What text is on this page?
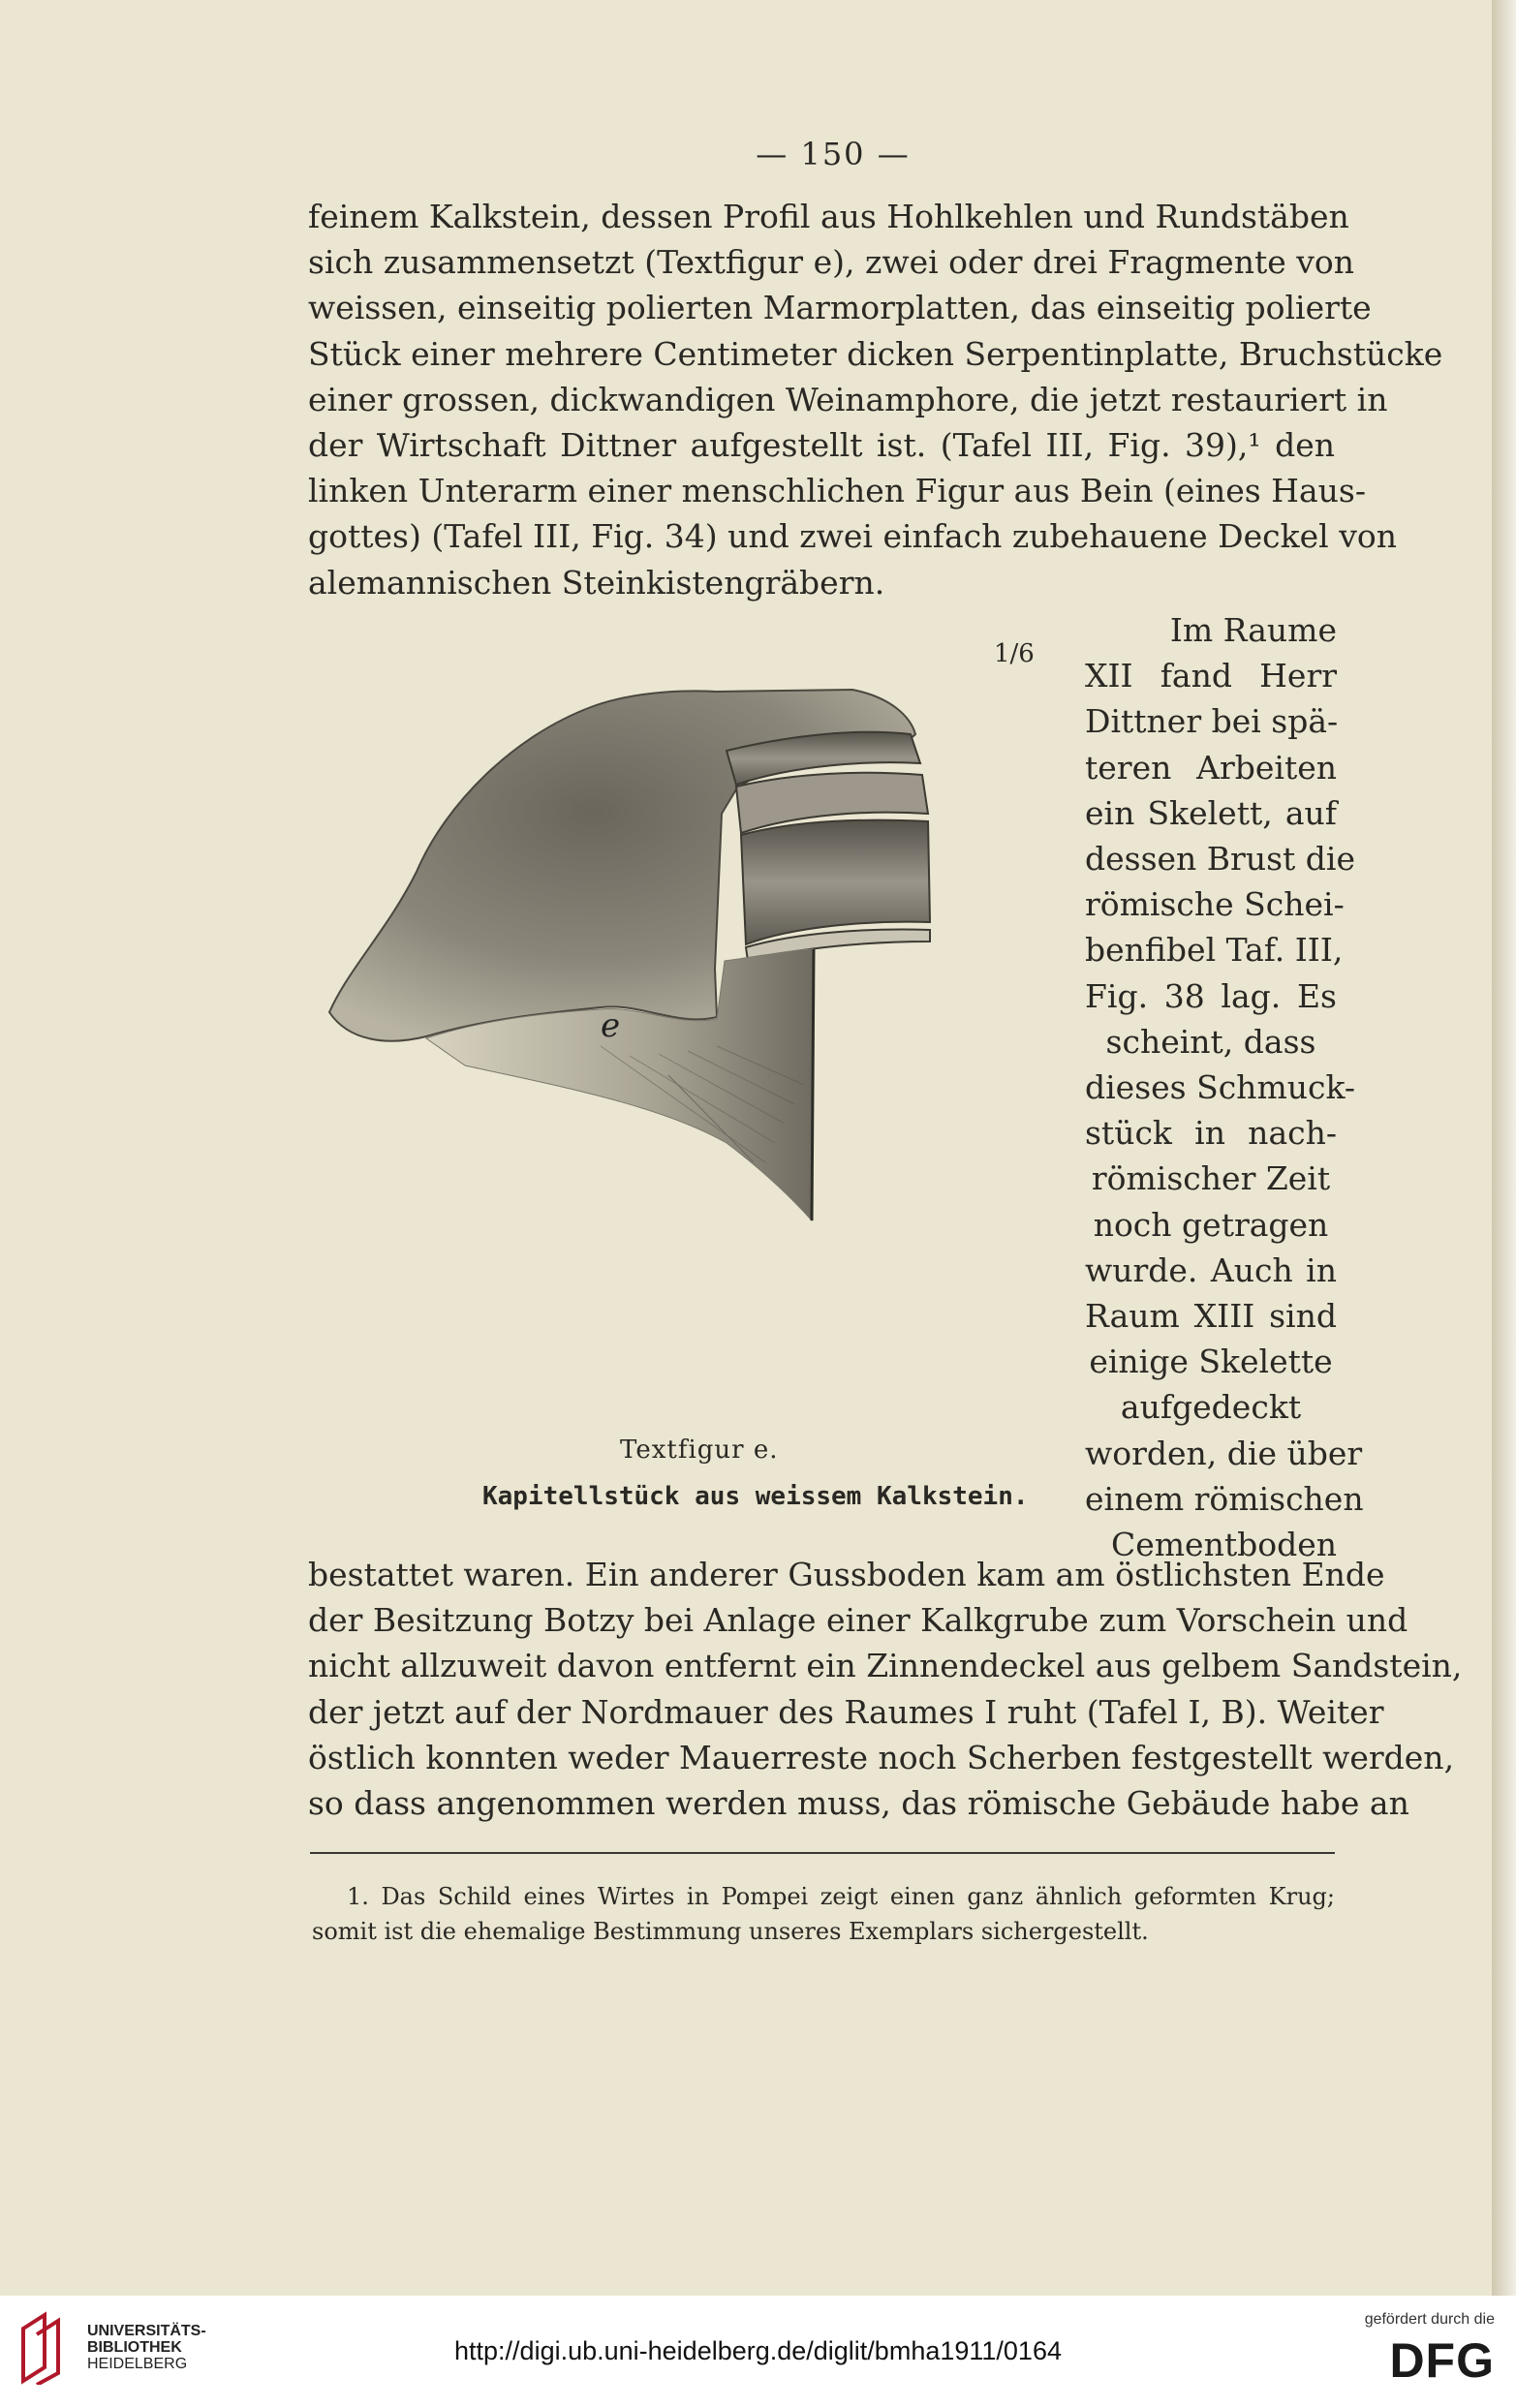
— 150 —
feinem Kalkstein, dessen Profil aus Hohlkehlen und Rundstäben
sich zusammensetzt (Textfigur e), zwei oder drei Fragmente von
weissen, einseitig polierten Marmorplatten, das einseitig polierte
Stück einer mehrere Centimeter dicken Serpentinplatte, Bruchstücke
einer grossen, dickwandigen Weinamphore, die jetzt restauriert in
der Wirtschaft Dittner aufgestellt ist. (Tafel III, Fig. 39),¹ den
linken Unterarm einer menschlichen Figur aus Bein (eines Haus-
gottes) (Tafel III, Fig. 34) und zwei einfach zubehauene Deckel von
alemannischen Steinkistengräbern.
Im Raume
XII fand Herr
Dittner bei spä-
teren Arbeiten
ein Skelett, auf
dessen Brust die
römische Schei-
benfibel Taf. III,
Fig. 38 lag. Es
scheint, dass
dieses Schmuck-
stück in nach-
römischer Zeit
noch getragen
wurde. Auch in
Raum XIII sind
einige Skelette
aufgedeckt
worden, die über
einem römischen
Cementboden
e
1/6
Textfigur e.
Kapitellstück aus weissem Kalkstein.
bestattet waren. Ein anderer Gussboden kam am östlichsten Ende
der Besitzung Botzy bei Anlage einer Kalkgrube zum Vorschein und
nicht allzuweit davon entfernt ein Zinnendeckel aus gelbem Sandstein,
der jetzt auf der Nordmauer des Raumes I ruht (Tafel I, B). Weiter
östlich konnten weder Mauerreste noch Scherben festgestellt werden,
so dass angenommen werden muss, das römische Gebäude habe an
1. Das Schild eines Wirtes in Pompei zeigt einen ganz ähnlich geformten Krug;
somit ist die ehemalige Bestimmung unseres Exemplars sichergestellt.
UNIVERSITÄTS-
BIBLIOTHEK
HEIDELBERG	http://digi.ub.uni-heidelberg.de/diglit/bmha1911/0164
gefördert durch die
DFG
